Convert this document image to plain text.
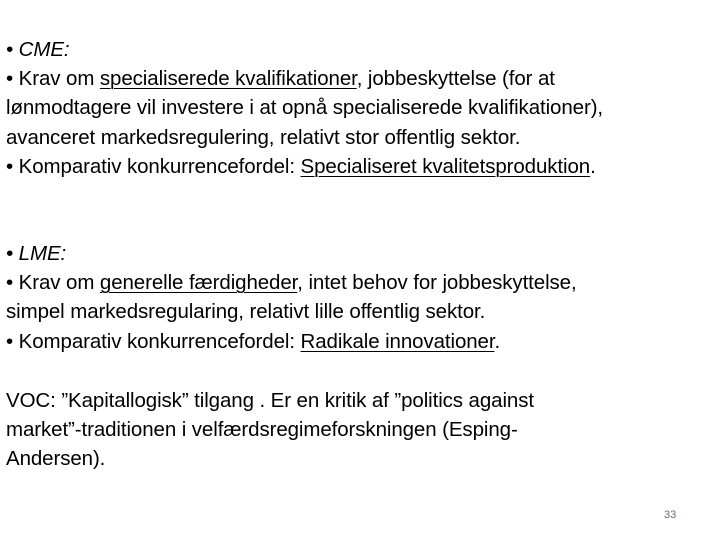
• CME:
• Krav om specialiserede kvalifikationer, jobbeskyttelse (for at
lønmodtagere vil investere i at opnå specialiserede kvalifikationer),
avanceret markedsregulering, relativt stor offentlig sektor.
• Komparativ konkurrencefordel: Specialiseret kvalitetsproduktion.
• LME:
• Krav om generelle færdigheder, intet behov for jobbeskyttelse,
simpel markedsregularing, relativt lille offentlig sektor.
• Komparativ konkurrencefordel: Radikale innovationer.
VOC: ”Kapitallogisk” tilgang . Er en kritik af ”politics against
market”-traditionen i velfærdsregimeforskningen (Esping-
Andersen).
33
